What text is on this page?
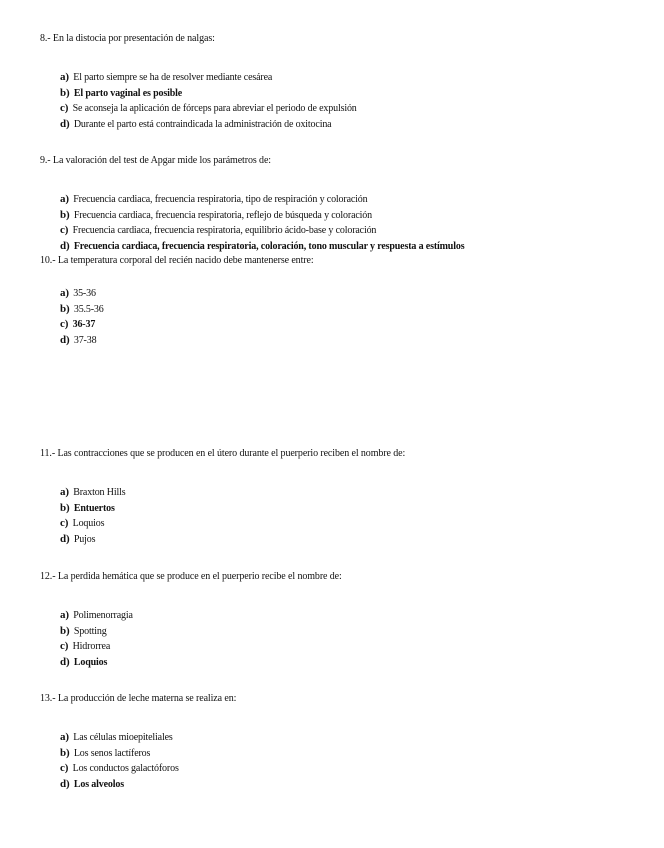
8.- En la distocia por presentación de nalgas:
a) El parto siempre se ha de resolver mediante cesárea
b) El parto vaginal es posible
c) Se aconseja la aplicación de fórceps para abreviar el periodo de expulsión
d) Durante el parto está contraindicada la administración de oxitocina
9.- La valoración del test de Apgar mide los parámetros de:
a) Frecuencia cardiaca, frecuencia respiratoria, tipo de respiración y coloración
b) Frecuencia cardiaca, frecuencia respiratoria, reflejo de búsqueda y coloración
c) Frecuencia cardiaca, frecuencia respiratoria, equilibrio ácido-base y coloración
d) Frecuencia cardiaca, frecuencia respiratoria, coloración, tono muscular y respuesta a estímulos
10.- La temperatura corporal del recién nacido debe mantenerse entre:
a) 35-36
b) 35.5-36
c) 36-37
d) 37-38
11.- Las contracciones que se producen en el útero durante el puerperio reciben el nombre de:
a) Braxton Hills
b) Entuertos
c) Loquios
d) Pujos
12.- La perdida hemática que se produce en el puerperio recibe el nombre de:
a) Polimenorragia
b) Spotting
c) Hidrorrea
d) Loquios
13.- La producción de leche materna se realiza en:
a) Las células mioepiteliales
b) Los senos lactíferos
c) Los conductos galactóforos
d) Los alveolos
